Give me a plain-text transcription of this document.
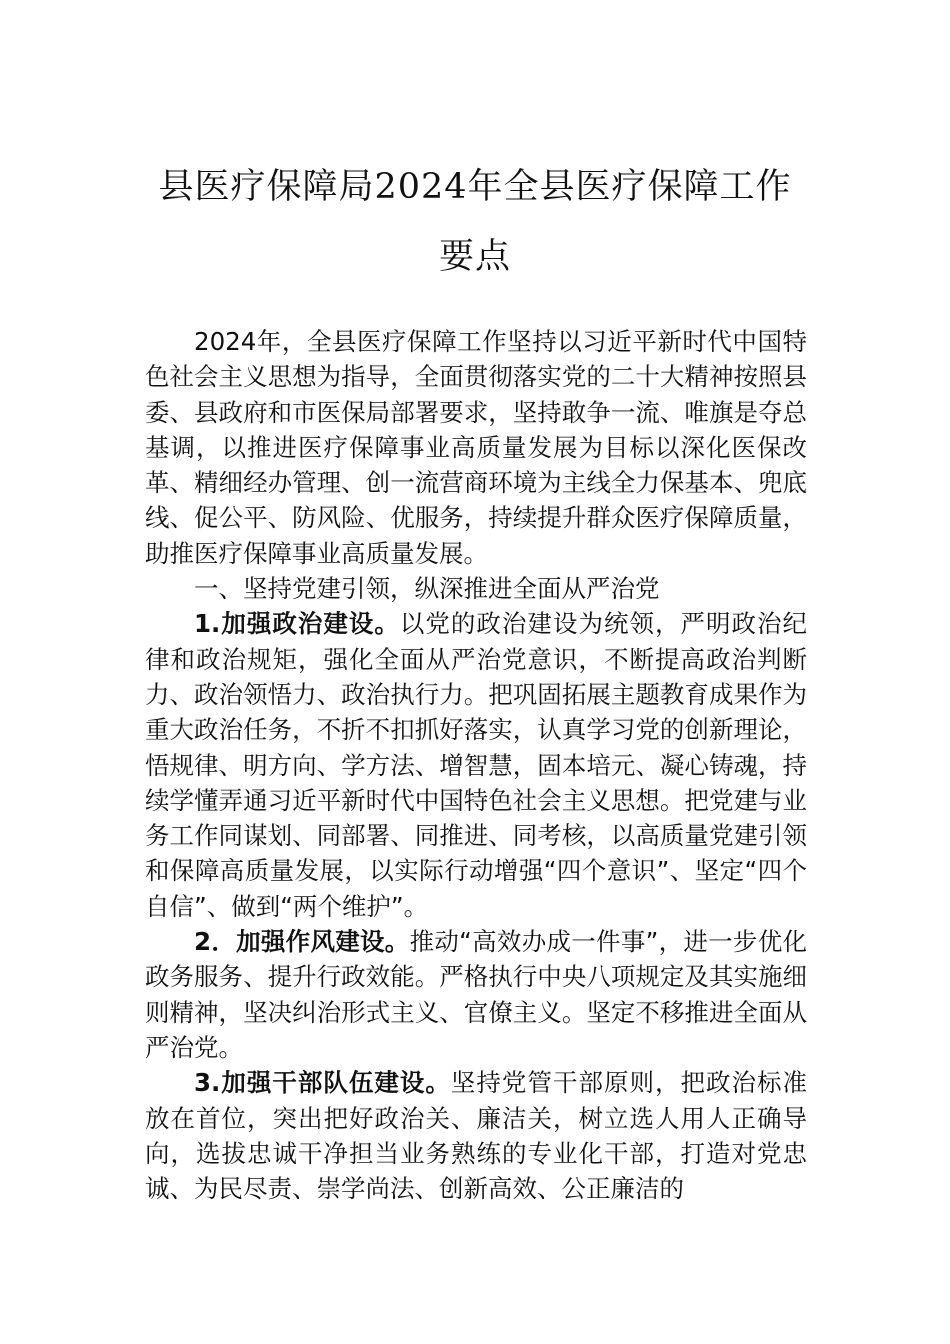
县医疗保障局2024年全县医疗保障工作要点

2024年，全县医疗保障工作坚持以习近平新时代中国特色社会主义思想为指导，全面贯彻落实党的二十大精神按照县委、县政府和市医保局部署要求，坚持敢争一流、唯旗是夺总基调，以推进医疗保障事业高质量发展为目标以深化医保改革、精细经办管理、创一流营商环境为主线全力保基本、兜底线、促公平、防风险、优服务，持续提升群众医疗保障质量，助推医疗保障事业高质量发展。

一、坚持党建引领，纵深推进全面从严治党

1.加强政治建设。以党的政治建设为统领，严明政治纪律和政治规矩，强化全面从严治党意识，不断提高政治判断力、政治领悟力、政治执行力。把巩固拓展主题教育成果作为重大政治任务，不折不扣抓好落实，认真学习党的创新理论，悟规律、明方向、学方法、增智慧，固本培元、凝心铸魂，持续学懂弄通习近平新时代中国特色社会主义思想。把党建与业务工作同谋划、同部署、同推进、同考核，以高质量党建引领和保障高质量发展，以实际行动增强“四个意识”、坚定“四个自信”、做到“两个维护”。

2．加强作风建设。推动“高效办成一件事”，进一步优化政务服务、提升行政效能。严格执行中央八项规定及其实施细则精神，坚决纠治形式主义、官僚主义。坚定不移推进全面从严治党。

3.加强干部队伍建设。坚持党管干部原则，把政治标准放在首位，突出把好政治关、廉洁关，树立选人用人正确导向，选拔忠诚干净担当业务熟练的专业化干部，打造对党忠诚、为民尽责、崇学尚法、创新高效、公正廉洁的
